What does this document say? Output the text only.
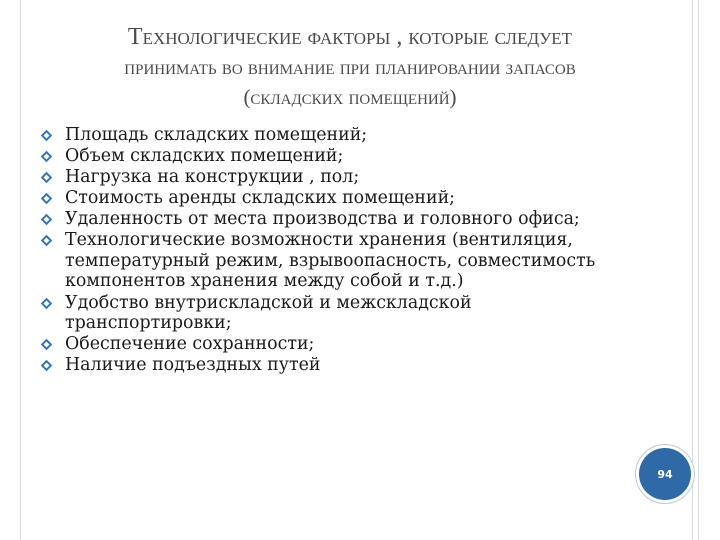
Технологические факторы , которые следует
принимать во внимание при планировании запасов
(складских помещений)
Площадь складских помещений;
Объем складских помещений;
Нагрузка на конструкции , пол;
Стоимость аренды складских помещений;
Удаленность от места производства и головного офиса;
Технологические возможности хранения (вентиляция, температурный режим, взрывоопасность, совместимость компонентов хранения между собой и т.д.)
Удобство внутрискладской и межскладской транспортировки;
Обеспечение сохранности;
Наличие подъездных путей
94
